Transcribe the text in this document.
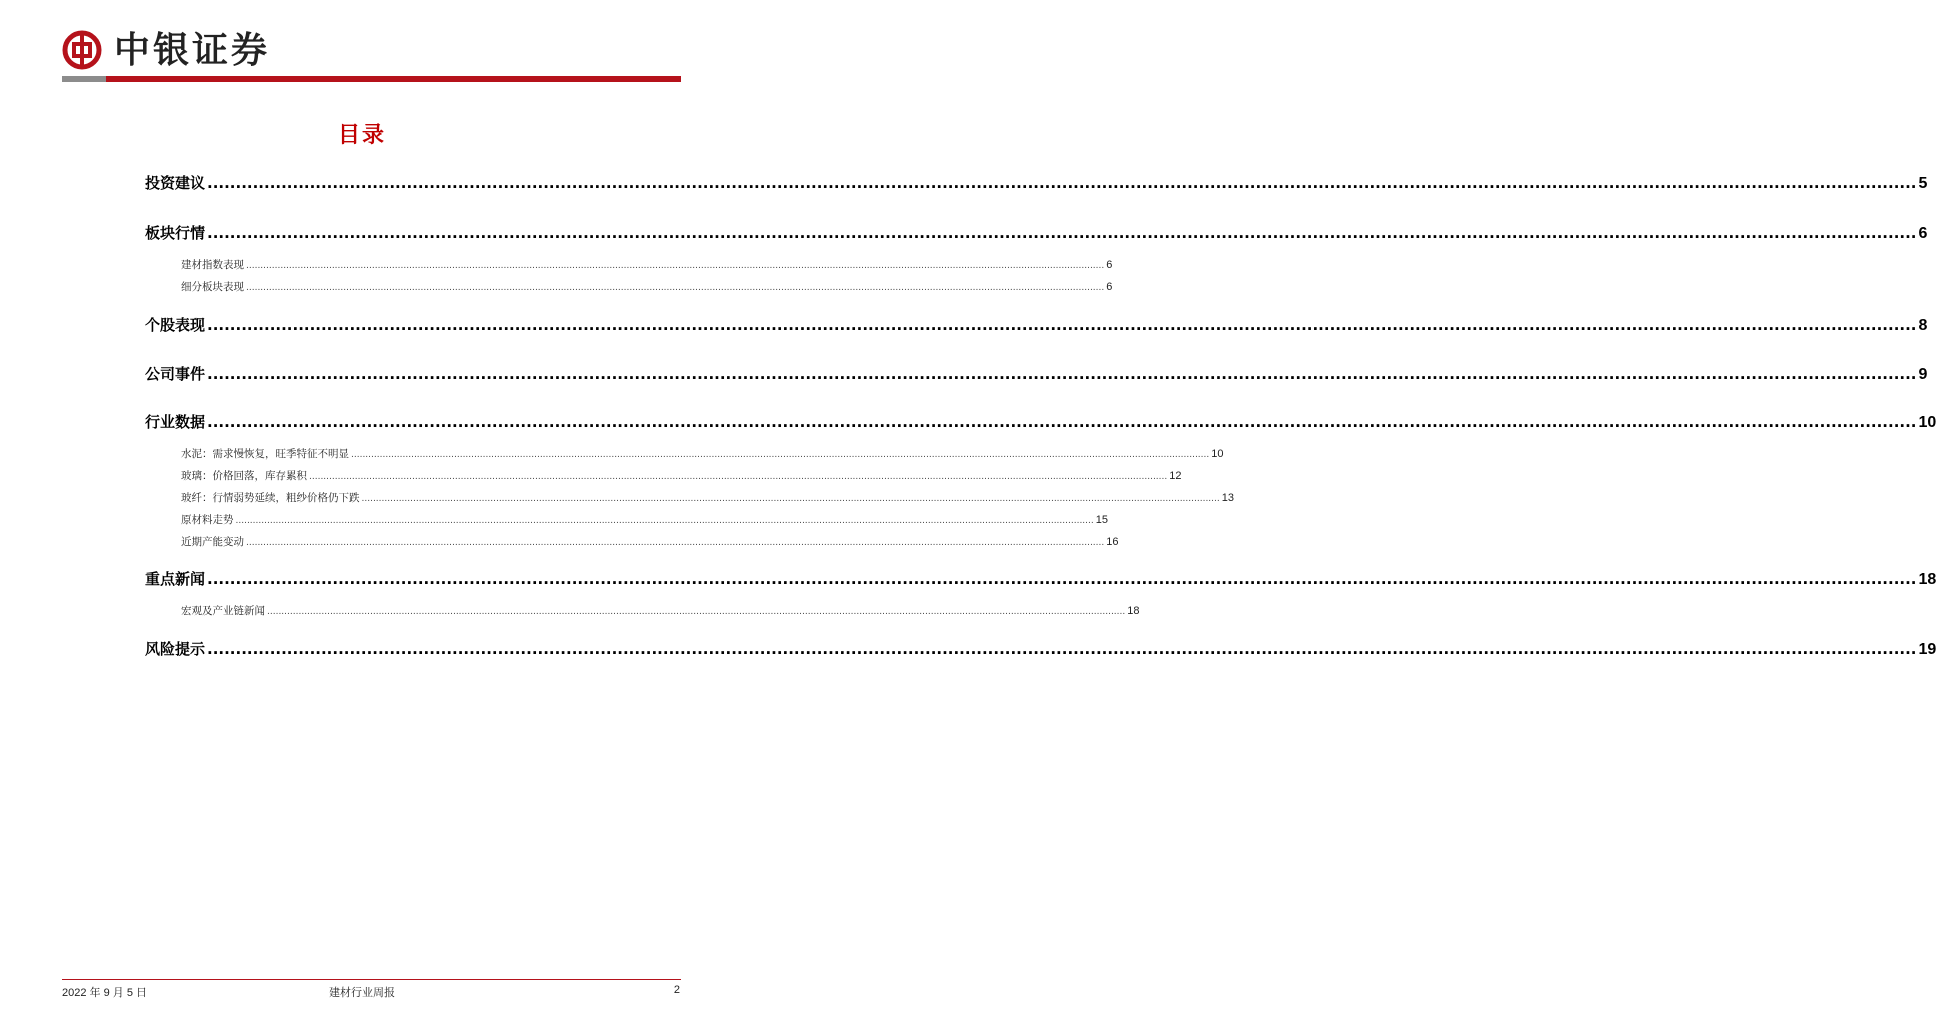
中银证券
目录
投资建议 ............................................................................................................................................................................................................................................................................................................ 5
板块行情 ............................................................................................................................................................................................................................................................................................................ 6
建材指数表现 ............................................................................................................................................................................................................................................................................................................ 6
细分板块表现 ............................................................................................................................................................................................................................................................................................................ 6
个股表现 ............................................................................................................................................................................................................................................................................................................ 8
公司事件 ............................................................................................................................................................................................................................................................................................................ 9
行业数据 ............................................................................................................................................................................................................................................................................................................ 10
水泥：需求慢恢复，旺季特征不明显 ............................................................................................................................................................................................................................................................................................................ 10
玻璃：价格回落，库存累积 ............................................................................................................................................................................................................................................................................................................ 12
玻纤：行情弱势延续，粗纱价格仍下跌 ............................................................................................................................................................................................................................................................................................................ 13
原材料走势 ............................................................................................................................................................................................................................................................................................................ 15
近期产能变动 ............................................................................................................................................................................................................................................................................................................ 16
重点新闻 ............................................................................................................................................................................................................................................................................................................ 18
宏观及产业链新闻 ............................................................................................................................................................................................................................................................................................................ 18
风险提示 ............................................................................................................................................................................................................................................................................................................ 19
2022 年 9 月 5 日	建材行业周报	2
